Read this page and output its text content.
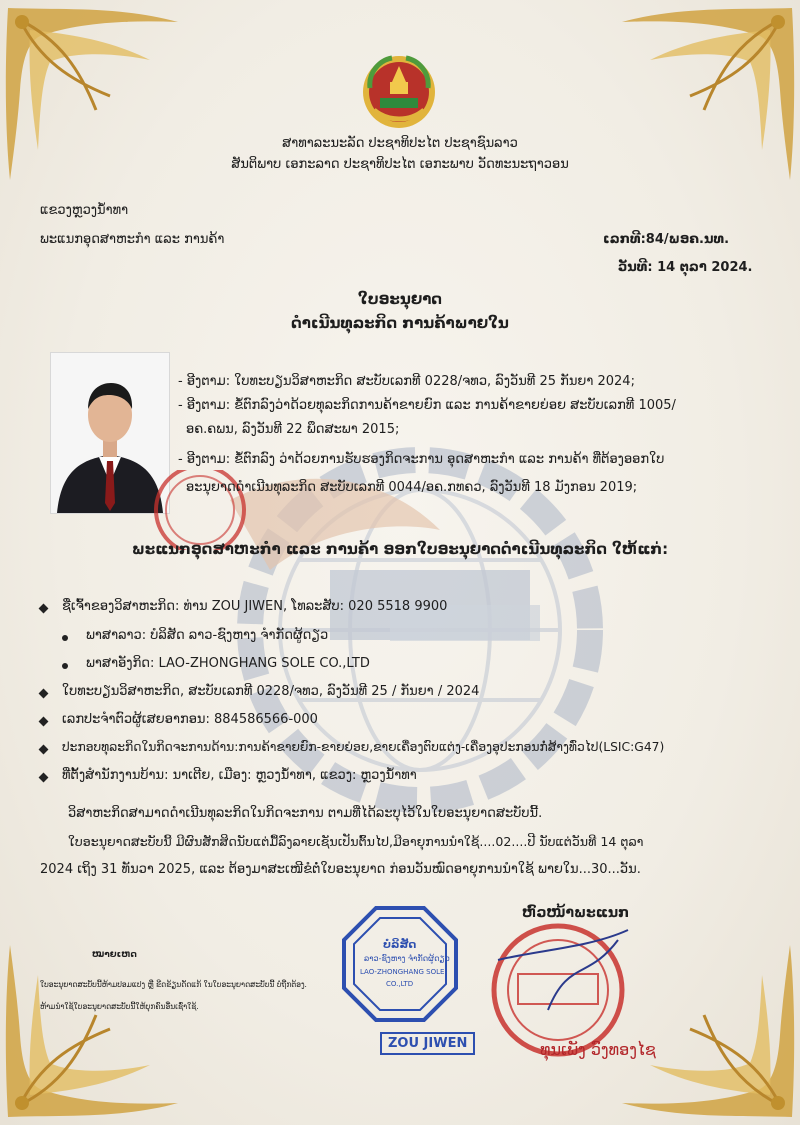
ສາທາລະນະລັດ ປະຊາທິປະໄຕ ປະຊາຊົນລາວ
ສັນຕິພາບ ເອກະລາດ ປະຊາທິປະໄຕ ເອກະພາບ ວັດທະນະຖາວອນ
ແຂວງຫຼວງນ້ຳທາ
ພະແນກອຸດສາຫະກຳ ແລະ ການຄ້າ	ເລກທີ:84/ພອຄ.ນທ.
ວັນທີ: 14 ຕຸລາ 2024.
ໃບອະນຸຍາດ
ດຳເນີນທຸລະກິດ ການຄ້າພາຍໃນ
- ອີງຕາມ: ໃບທະບຽນວິສາຫະກິດ ສະບັບເລກທີ 0228/ຈທວ, ລົງວັນທີ 25 ກັນຍາ 2024;
- ອີງຕາມ: ຂໍ້ຕົກລົງວ່າດ້ວຍທຸລະກິດການຄ້າຂາຍຍົກ ແລະ ການຄ້າຂາຍຍ່ອຍ ສະບັບເລກທີ 1005/
ອຄ.ຄພນ, ລົງວັນທີ 22 ພຶດສະພາ 2015;
- ອີງຕາມ: ຂໍ້ຕົກລົງ ວ່າດ້ວຍການຮັບຮອງກິດຈະການ ອຸດສາຫະກຳ ແລະ ການຄ້າ ທີ່ຕ້ອງອອກໃບ
ອະນຸຍາດດຳເນີນທຸລະກິດ ສະບັບເລກທີ 0044/ອຄ.ກທຄວ, ລົງວັນທີ 18 ມັງກອນ 2019;
ພະແນກອຸດສາຫະກຳ ແລະ ການຄ້າ ອອກໃບອະນຸຍາດດຳເນີນທຸລະກິດ ໃຫ້ແກ່:
ຊື່ເຈົ້າຂອງວິສາຫະກິດ: ທ່ານ ZOU JIWEN, ໂທລະສັບ: 020 5518 9900
ພາສາລາວ: ບໍລິສັດ ລາວ-ຊົງຫາງ ຈຳກັດຜູ້ດຽວ
ພາສາອັງກິດ: LAO-ZHONGHANG SOLE CO.,LTD
ໃບທະບຽນວິສາຫະກິດ, ສະບັບເລກທີ 0228/ຈທວ, ລົງວັນທີ 25 / ກັນຍາ / 2024
ເລກປະຈຳຕົວຜູ້ເສຍອາກອນ: 884586566-000
ປະກອບທຸລະກິດໃນກິດຈະການດ້ານ:ການຄ້າຂາຍຍົກ-ຂາຍຍ່ອຍ,ຂາຍເຄື່ອງຕົບແຕ່ງ-ເຄື່ອງອຸປະກອນກໍ່ສ້າງທົ່ວໄປ(LSIC:G47)
ທີ່ຕັ້ງສຳນັກງານບ້ານ: ນາເຕີຍ, ເມືອງ: ຫຼວງນ້ຳທາ, ແຂວງ: ຫຼວງນ້ຳທາ
ວິສາຫະກິດສາມາດດຳເນີນທຸລະກິດໃນກິດຈະການ ຕາມທີ່ໄດ້ລະບຸໄວ້ໃນໃບອະນຸຍາດສະບັບນີ້.
ໃບອະນຸຍາດສະບັບນີ້ ມີຜົນສັກສິດນັບແຕ່ມື້ລົງລາຍເຊັນເປັນຕົ້ນໄປ,ມີອາຍຸການນຳໃຊ້....02....ປີ ນັບແຕ່ວັນທີ 14 ຕຸລາ
2024 ເຖິງ 31 ທັນວາ 2025, ແລະ ຕ້ອງມາສະເໜີຂໍຕໍ່ໃບອະນຸຍາດ ກ່ອນວັນໝົດອາຍຸການນຳໃຊ້ ພາຍໃນ...30...ວັນ.
ຫົວໜ້າພະແນກ
ທຸນເພັງ ວົງທອງໄຊ
ບໍລິສັດ
ລາວ-ຊົງຫາງ ຈຳກັດຜູ້ດຽວ
LAO-ZHONGHANG SOLE
CO.,LTD
ZOU JIWEN
ໝາຍເຫດ
ໃບອະນຸຍາດສະບັບນີ້ຫ້າມປອມແປງ ຫຼື ຂີດຂ້ຽນດັດແກ້ ໃນໃບອະນຸຍາດສະບັບນີ້ ບໍ່ຖືກຕ້ອງ.
ຫ້າມນຳໃຊ້ໃບອະນຸຍາດສະບັບນີ້ໃຫ້ບຸກຄົນອື່ນເຊົ່າໃຊ້.
